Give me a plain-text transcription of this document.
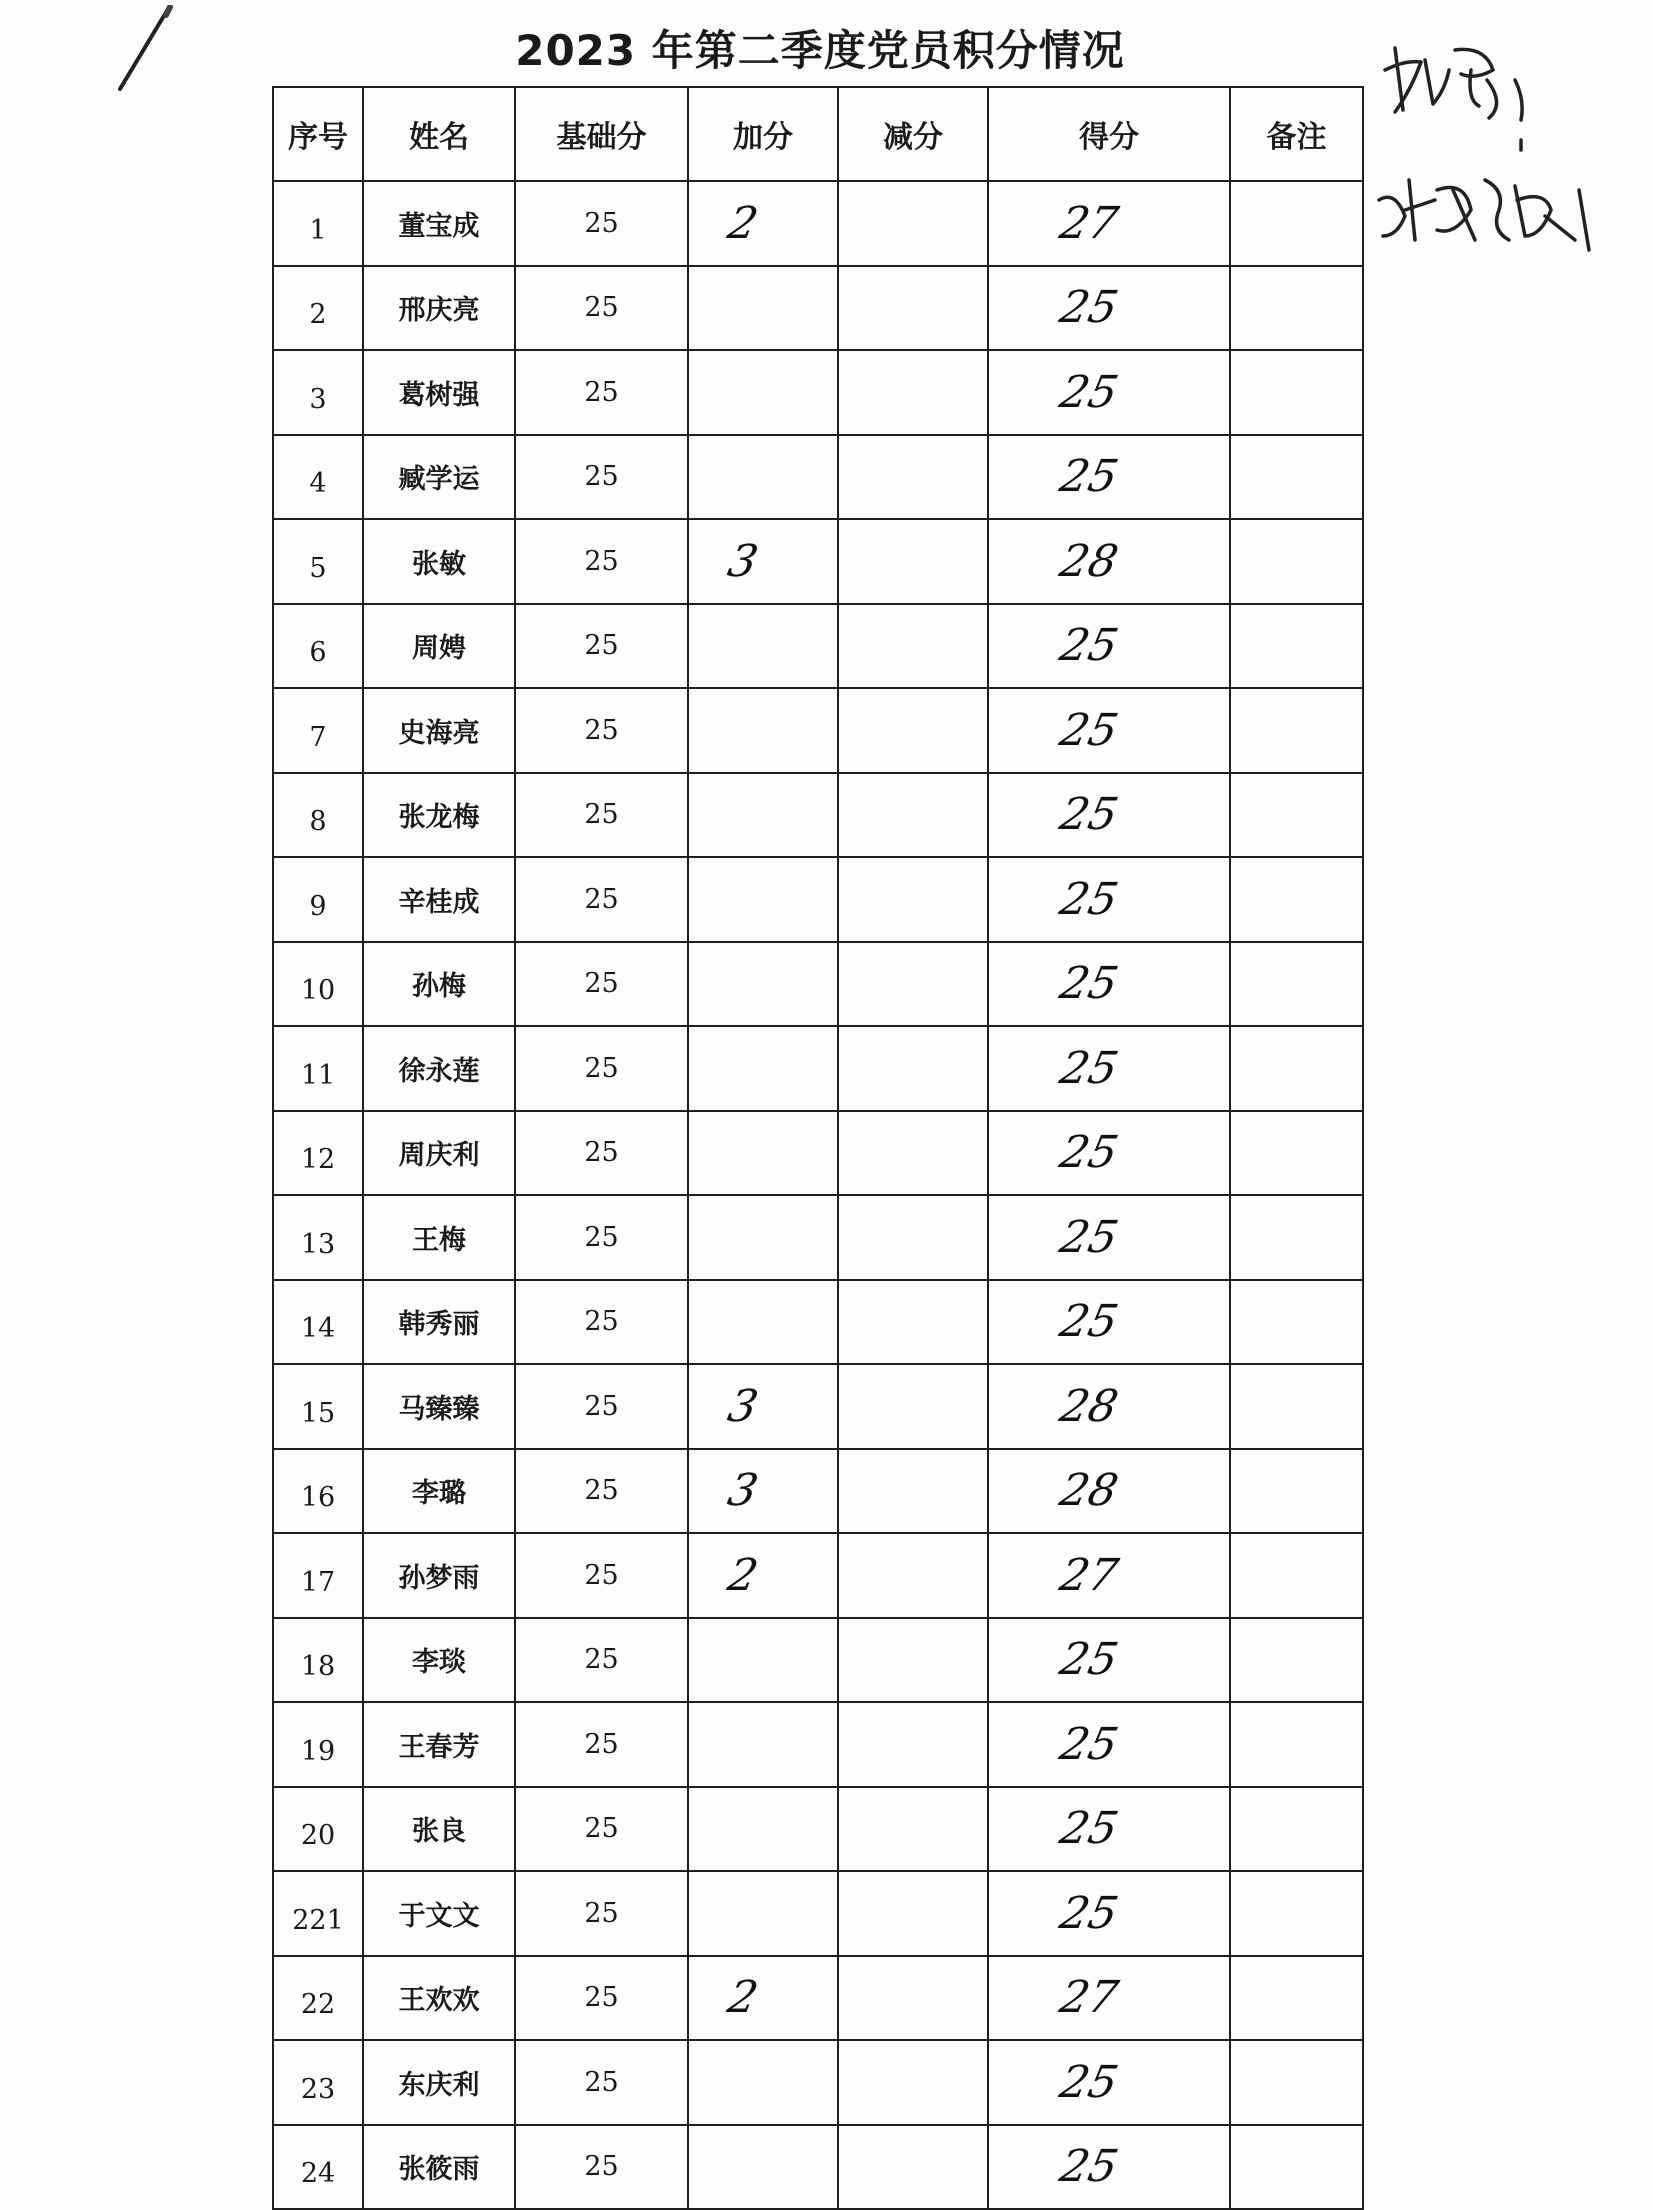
2023 年第二季度党员积分情况
序号	姓名	基础分	加分	减分	得分	备注
1	董宝成	25	2		27	
2	邢庆亮	25			25	
3	葛树强	25			25	
4	臧学运	25			25	
5	张敏	25	3		28	
6	周娉	25			25	
7	史海亮	25			25	
8	张龙梅	25			25	
9	辛桂成	25			25	
10	孙梅	25			25	
11	徐永莲	25			25	
12	周庆利	25			25	
13	王梅	25			25	
14	韩秀丽	25			25	
15	马臻臻	25	3		28	
16	李璐	25	3		28	
17	孙梦雨	25	2		27	
18	李琰	25			25	
19	王春芳	25			25	
20	张良	25			25	
221	于文文	25			25	
22	王欢欢	25	2		27	
23	东庆利	25			25	
24	张筱雨	25			25	
